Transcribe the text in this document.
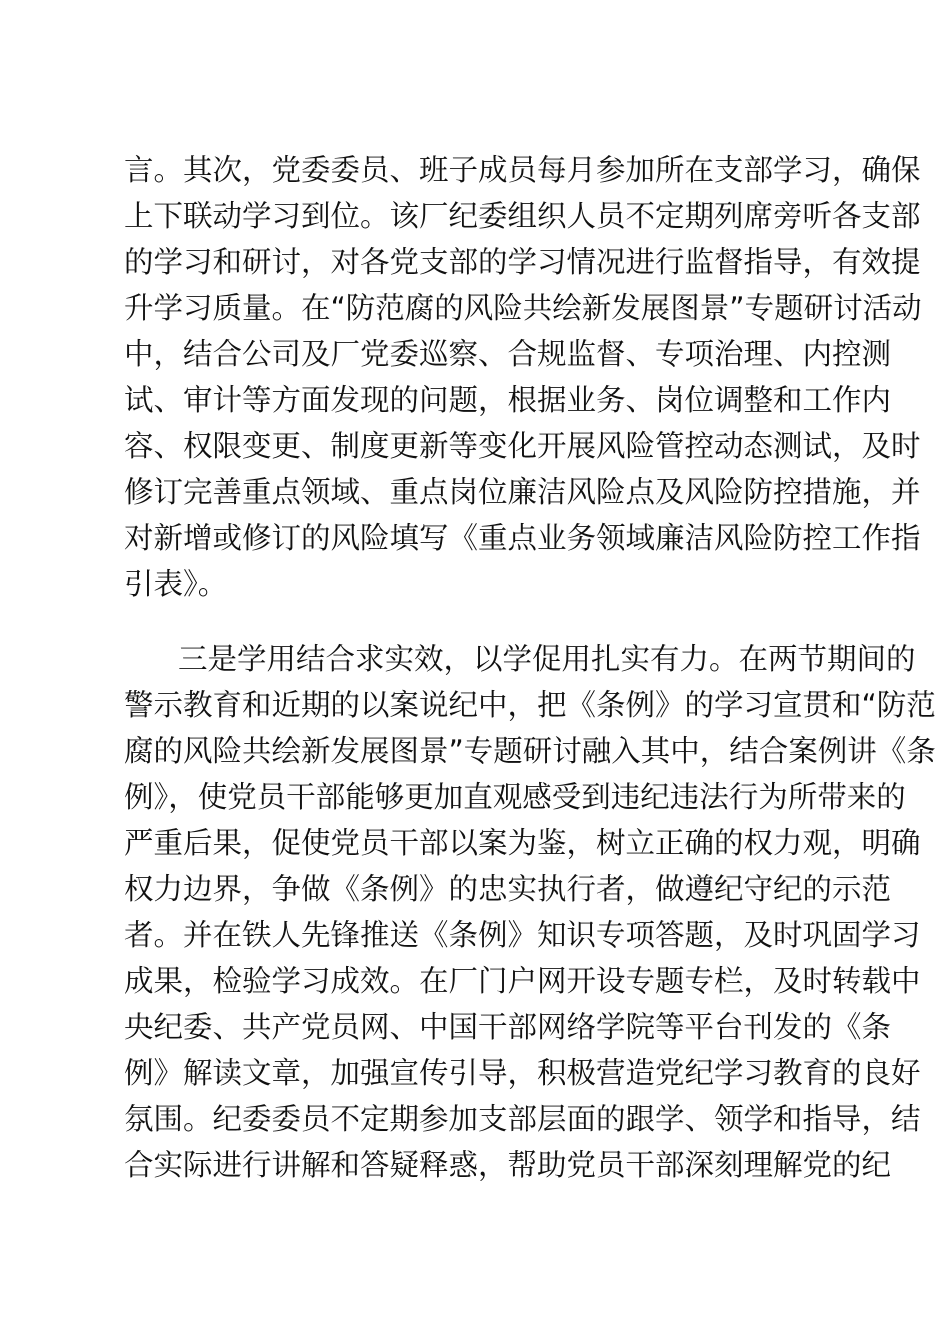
言。其次，党委委员、班子成员每月参加所在支部学习，确保
上下联动学习到位。该厂纪委组织人员不定期列席旁听各支部
的学习和研讨，对各党支部的学习情况进行监督指导，有效提
升学习质量。在“防范腐的风险共绘新发展图景”专题研讨活动
中，结合公司及厂党委巡察、合规监督、专项治理、内控测
试、审计等方面发现的问题，根据业务、岗位调整和工作内
容、权限变更、制度更新等变化开展风险管控动态测试，及时
修订完善重点领域、重点岗位廉洁风险点及风险防控措施，并
对新增或修订的风险填写《重点业务领域廉洁风险防控工作指
引表》。
三是学用结合求实效，以学促用扎实有力。在两节期间的
警示教育和近期的以案说纪中，把《条例》的学习宣贯和“防范
腐的风险共绘新发展图景”专题研讨融入其中，结合案例讲《条
例》，使党员干部能够更加直观感受到违纪违法行为所带来的
严重后果，促使党员干部以案为鉴，树立正确的权力观，明确
权力边界，争做《条例》的忠实执行者，做遵纪守纪的示范
者。并在铁人先锋推送《条例》知识专项答题，及时巩固学习
成果，检验学习成效。在厂门户网开设专题专栏，及时转载中
央纪委、共产党员网、中国干部网络学院等平台刊发的《条
例》解读文章，加强宣传引导，积极营造党纪学习教育的良好
氛围。纪委委员不定期参加支部层面的跟学、领学和指导，结
合实际进行讲解和答疑释惑，帮助党员干部深刻理解党的纪
